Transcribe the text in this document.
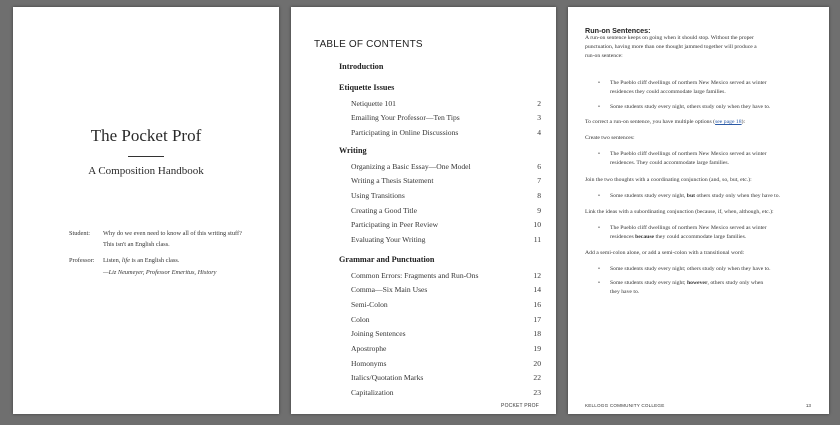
The Pocket Prof
A Composition Handbook
Student: Why do we even need to know all of this writing stuff? This isn't an English class.
Professor: Listen, life is an English class.
—Liz Neumeyer, Professor Emeritus, History
TABLE OF CONTENTS
Introduction
Etiquette Issues
Netiquette 101	2
Emailing Your Professor—Ten Tips	3
Participating in Online Discussions	4
Writing
Organizing a Basic Essay—One Model	6
Writing a Thesis Statement	7
Using Transitions	8
Creating a Good Title	9
Participating in Peer Review	10
Evaluating Your Writing	11
Grammar and Punctuation
Common Errors: Fragments and Run-Ons	12
Comma—Six Main Uses	14
Semi-Colon	16
Colon	17
Joining Sentences	18
Apostrophe	19
Homonyms	20
Italics/Quotation Marks	22
Capitalization	23
POCKET PROF
Run-on Sentences:
A run-on sentence keeps on going when it should stop. Without the proper
punctuation, having more than one thought jammed together will produce a
run-on sentence:
• The Pueblo cliff dwellings of northern New Mexico served as winter
residences they could accommodate large families.
• Some students study every night, others study only when they have to.
To correct a run-on sentence, you have multiple options (see page 18):
Create two sentences:
• The Pueblo cliff dwellings of northern New Mexico served as winter
residences. They could accommodate large families.
Join the two thoughts with a coordinating conjunction (and, so, but, etc.):
• Some students study every night, but others study only when they have to.
Link the ideas with a subordinating conjunction (because, if, when, although, etc.):
• The Pueblo cliff dwellings of northern New Mexico served as winter
residences because they could accommodate large families.
Add a semi-colon alone, or add a semi-colon with a transitional word:
• Some students study every night; others study only when they have to.
• Some students study every night; however, others study only when
they have to.
KELLOGG COMMUNITY COLLEGE	13
